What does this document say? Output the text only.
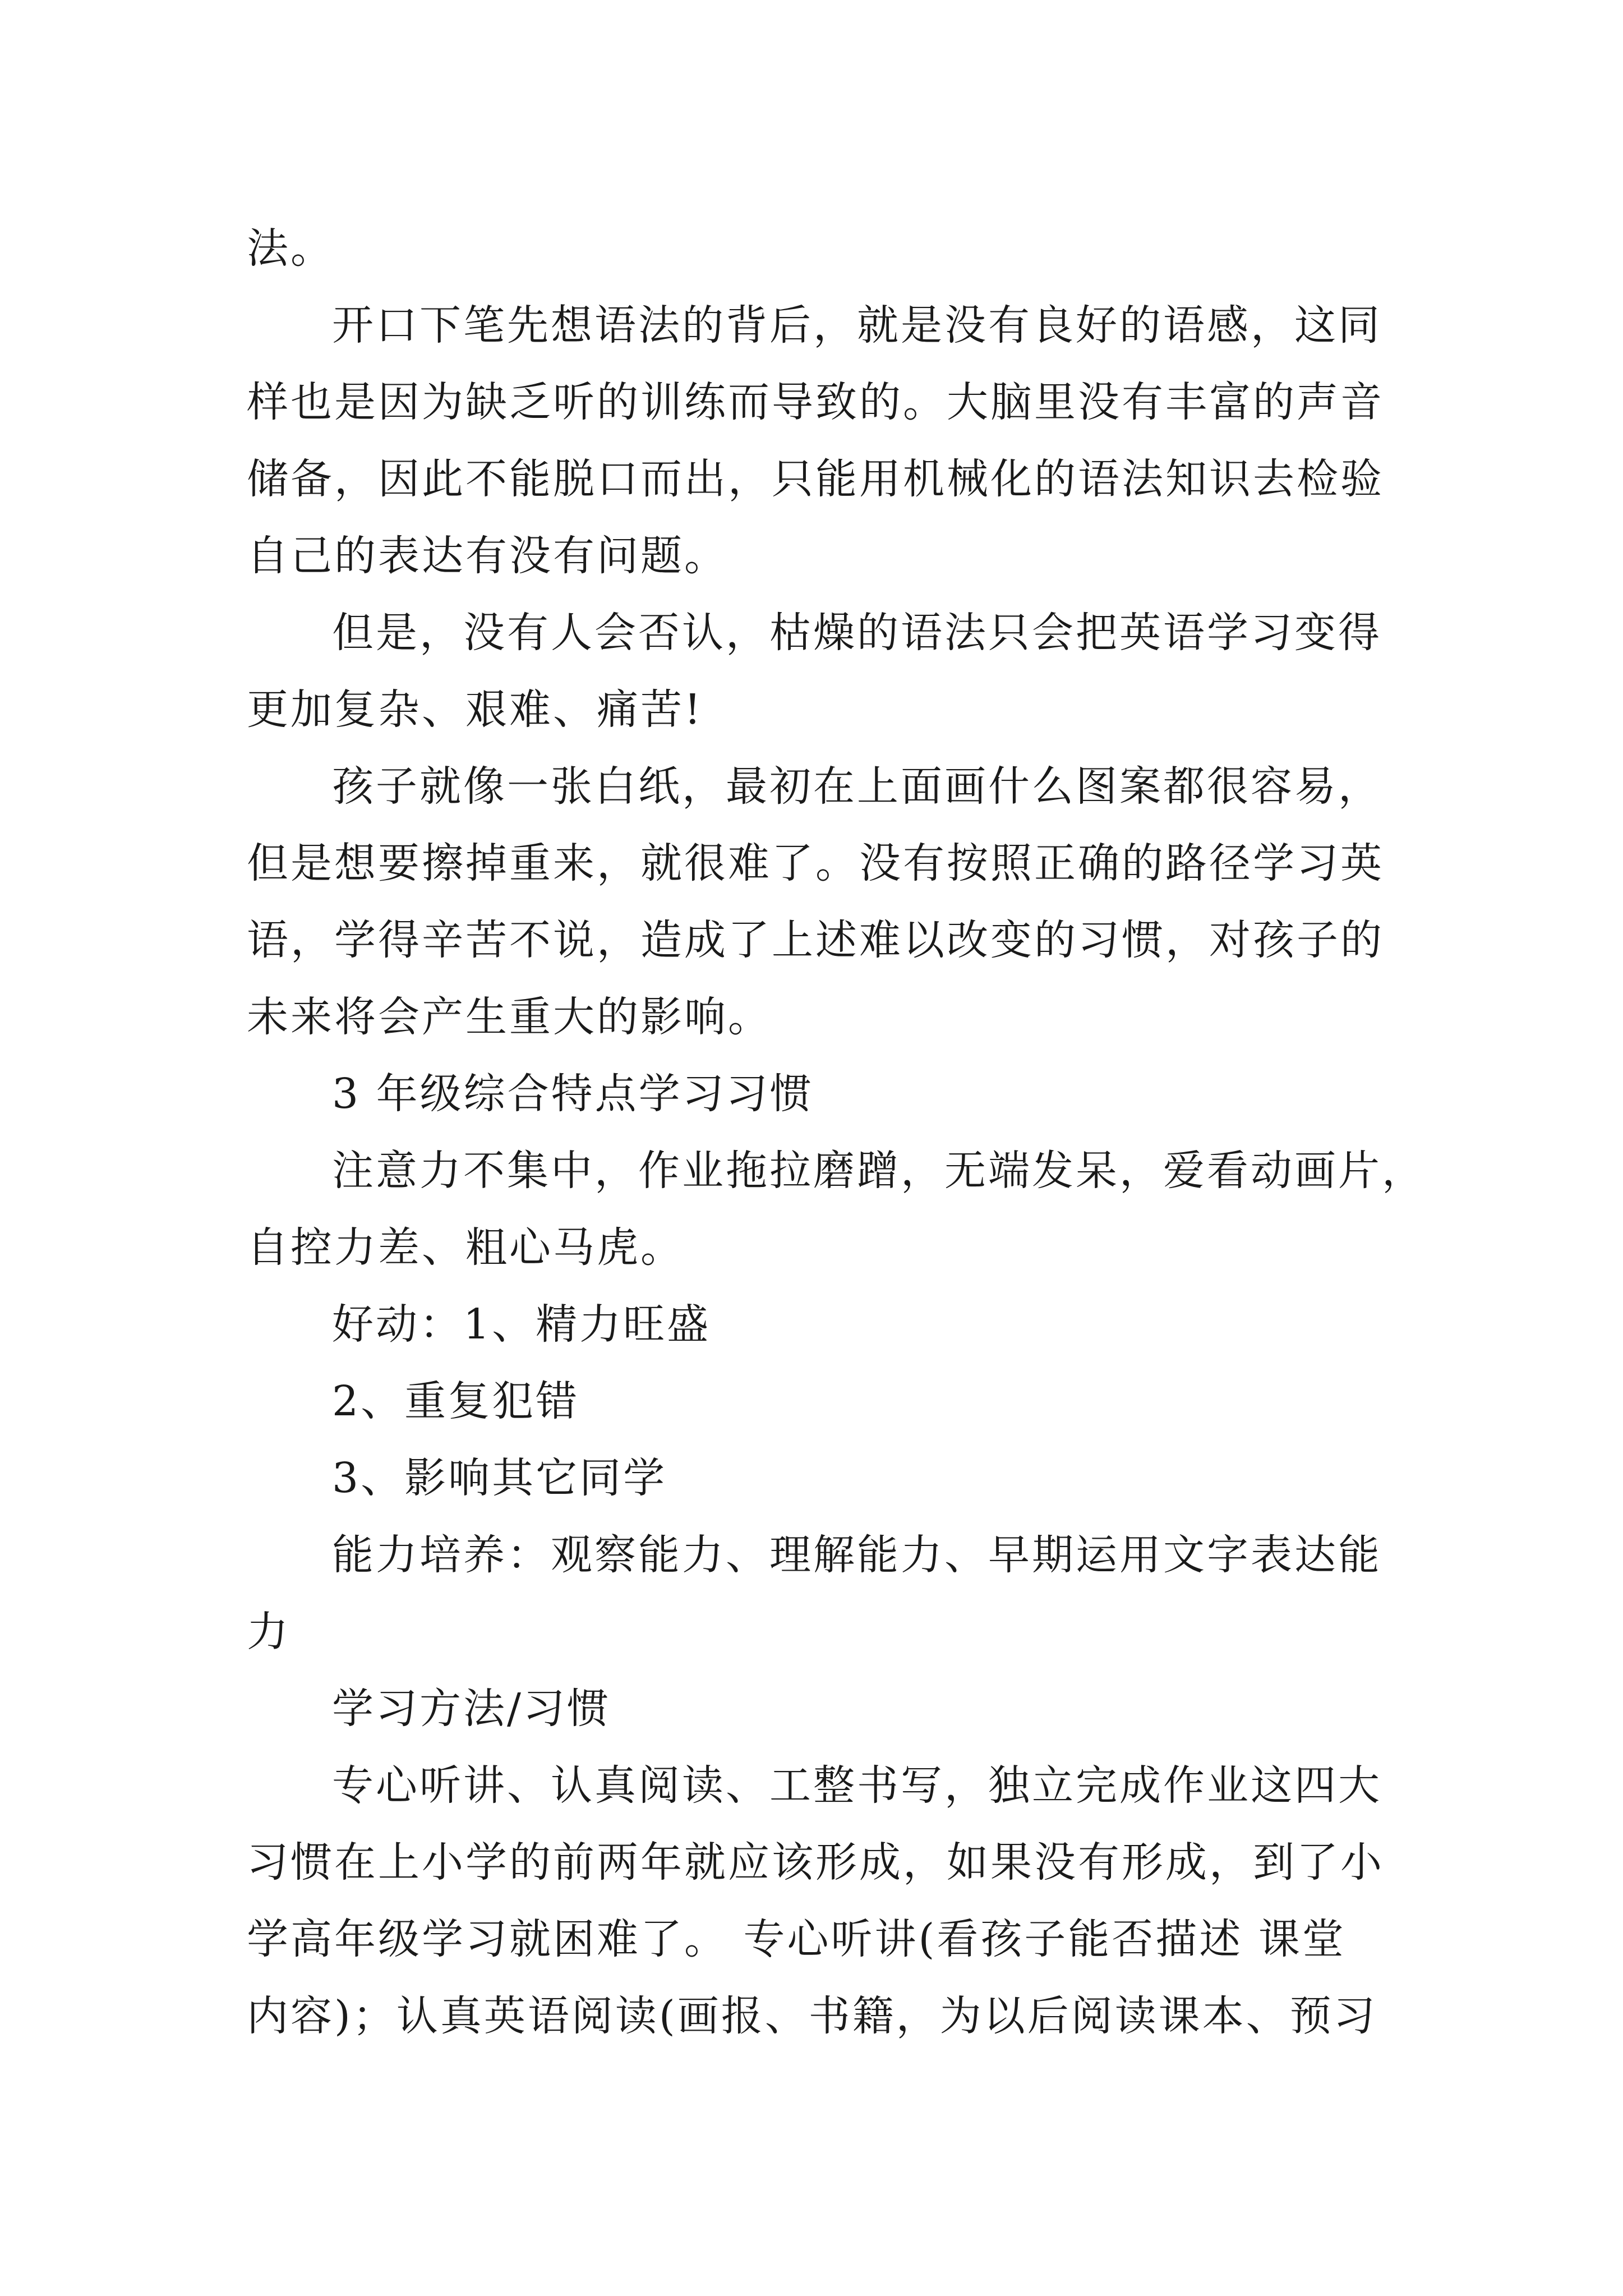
法。
开口下笔先想语法的背后，就是没有良好的语感，这同
样也是因为缺乏听的训练而导致的。大脑里没有丰富的声音
储备，因此不能脱口而出，只能用机械化的语法知识去检验
自己的表达有没有问题。
但是，没有人会否认，枯燥的语法只会把英语学习变得
更加复杂、艰难、痛苦!
孩子就像一张白纸，最初在上面画什么图案都很容易，
但是想要擦掉重来，就很难了。没有按照正确的路径学习英
语，学得辛苦不说，造成了上述难以改变的习惯，对孩子的
未来将会产生重大的影响。
3 年级综合特点学习习惯
注意力不集中，作业拖拉磨蹭，无端发呆，爱看动画片，
自控力差、粗心马虎。
好动：1、精力旺盛
2、重复犯错
3、影响其它同学
能力培养：观察能力、理解能力、早期运用文字表达能
力
学习方法/习惯
专心听讲、认真阅读、工整书写，独立完成作业这四大
习惯在上小学的前两年就应该形成，如果没有形成，到了小
学高年级学习就困难了。 专心听讲(看孩子能否描述 课堂
内容)；认真英语阅读(画报、书籍，为以后阅读课本、预习
